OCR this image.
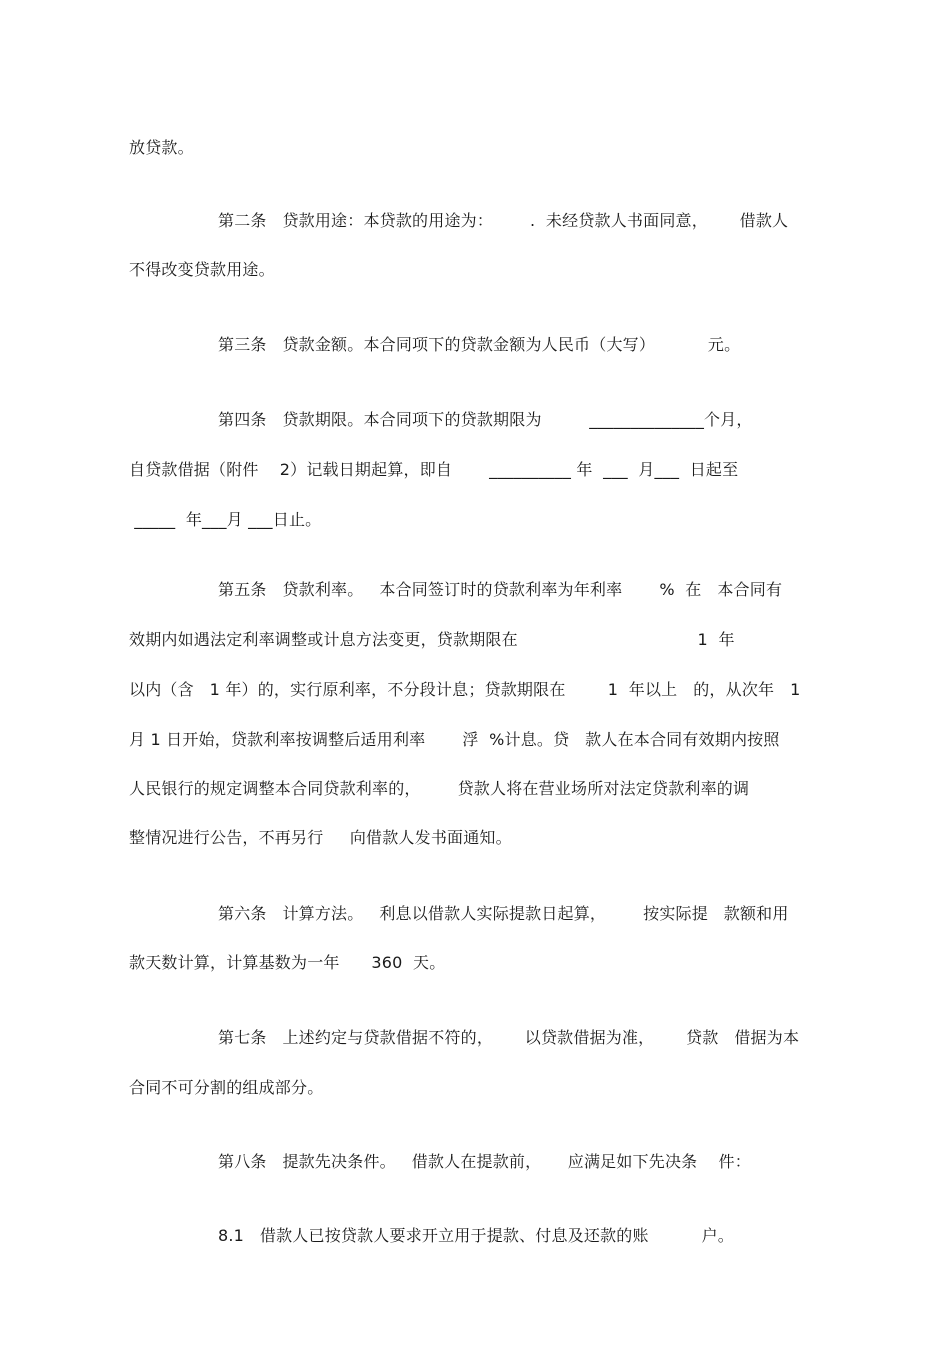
放贷款。
第二条   贷款用途：本贷款的用途为：       .  未经贷款人书面同意，      借款人
不得改变贷款用途。
第三条   贷款金额。本合同项下的贷款金额为人民币（大写）          元。
第四条   贷款期限。本合同项下的贷款期限为         ______________个月，
自贷款借据（附件    2）记载日期起算，即自       __________ 年  ___  月___  日起至
_____  年___月 ___日止。
第五条   贷款利率。   本合同签订时的贷款利率为年利率       %  在   本合同有
效期内如遇法定利率调整或计息方法变更，贷款期限在                                  1  年
以内（含   1 年）的，实行原利率，不分段计息；贷款期限在        1  年以上   的，从次年   1
月 1 日开始，贷款利率按调整后适用利率       浮  %计息。贷   款人在本合同有效期内按照
人民银行的规定调整本合同贷款利率的，       贷款人将在营业场所对法定贷款利率的调
整情况进行公告，不再另行     向借款人发书面通知。
第六条   计算方法。   利息以借款人实际提款日起算，       按实际提   款额和用
款天数计算，计算基数为一年      360  天。
第七条   上述约定与贷款借据不符的，      以贷款借据为准，      贷款   借据为本
合同不可分割的组成部分。
第八条   提款先决条件。   借款人在提款前，     应满足如下先决条    件：
8.1   借款人已按贷款人要求开立用于提款、付息及还款的账          户。
